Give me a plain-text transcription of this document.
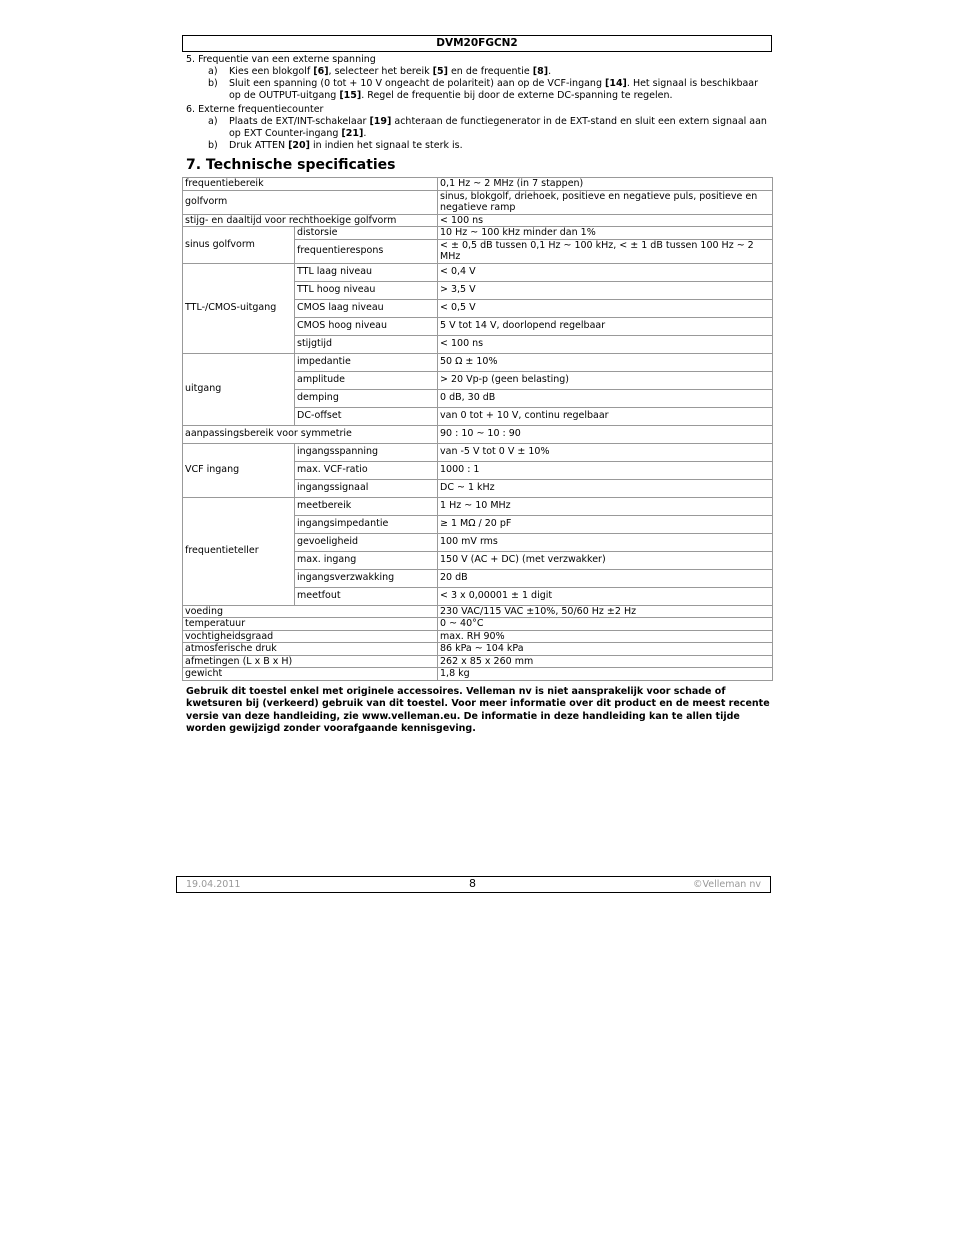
DVM20FGCN2
5. Frequentie van een externe spanning
a) Kies een blokgolf [6], selecteer het bereik [5] en de frequentie [8].
b) Sluit een spanning (0 tot + 10 V ongeacht de polariteit) aan op de VCF-ingang [14]. Het signaal is beschikbaar op de OUTPUT-uitgang [15]. Regel de frequentie bij door de externe DC-spanning te regelen.
6. Externe frequentiecounter
a) Plaats de EXT/INT-schakelaar [19] achteraan de functiegenerator in de EXT-stand en sluit een extern signaal aan op EXT Counter-ingang [21].
b) Druk ATTEN [20] in indien het signaal te sterk is.
7. Technische specificaties
frequentiebereik		0,1 Hz ~ 2 MHz (in 7 stappen)
golfvorm		sinus, blokgolf, driehoek, positieve en negatieve puls, positieve en negatieve ramp
stijg- en daaltijd voor rechthoekige golfvorm		< 100 ns
sinus golfvorm	distorsie	10 Hz ~ 100 kHz minder dan 1%
	frequentierespons	< ± 0,5 dB tussen 0,1 Hz ~ 100 kHz, < ± 1 dB tussen 100 Hz ~ 2 MHz
TTL-/CMOS-uitgang	TTL laag niveau	< 0,4 V
	TTL hoog niveau	> 3,5 V
	CMOS laag niveau	< 0,5 V
	CMOS hoog niveau	5 V tot 14 V, doorlopend regelbaar
	stijgtijd	< 100 ns
uitgang	impedantie	50 Ω ± 10%
	amplitude	> 20 Vp-p (geen belasting)
	demping	0 dB, 30 dB
	DC-offset	van 0 tot + 10 V, continu regelbaar
aanpassingsbereik voor symmetrie		90 : 10 ~ 10 : 90
VCF ingang	ingangsspanning	van -5 V tot 0 V ± 10%
	max. VCF-ratio	1000 : 1
	ingangssignaal	DC ~ 1 kHz
frequentieteller	meetbereik	1 Hz ~ 10 MHz
	ingangsimpedantie	≥ 1 MΩ / 20 pF
	gevoeligheid	100 mV rms
	max. ingang	150 V (AC + DC) (met verzwakker)
	ingangsverzwakking	20 dB
	meetfout	< 3 x 0,00001 ± 1 digit
voeding		230 VAC/115 VAC ±10%, 50/60 Hz ±2 Hz
temperatuur		0 ~ 40°C
vochtigheidsgraad		max. RH 90%
atmosferische druk		86 kPa ~ 104 kPa
afmetingen (L x B x H)		262 x 85 x 260 mm
gewicht		1,8 kg
Gebruik dit toestel enkel met originele accessoires. Velleman nv is niet aansprakelijk voor schade of kwetsuren bij (verkeerd) gebruik van dit toestel. Voor meer informatie over dit product en de meest recente versie van deze handleiding, zie www.velleman.eu. De informatie in deze handleiding kan te allen tijde worden gewijzigd zonder voorafgaande kennisgeving.
19.04.2011	8	©Velleman nv
